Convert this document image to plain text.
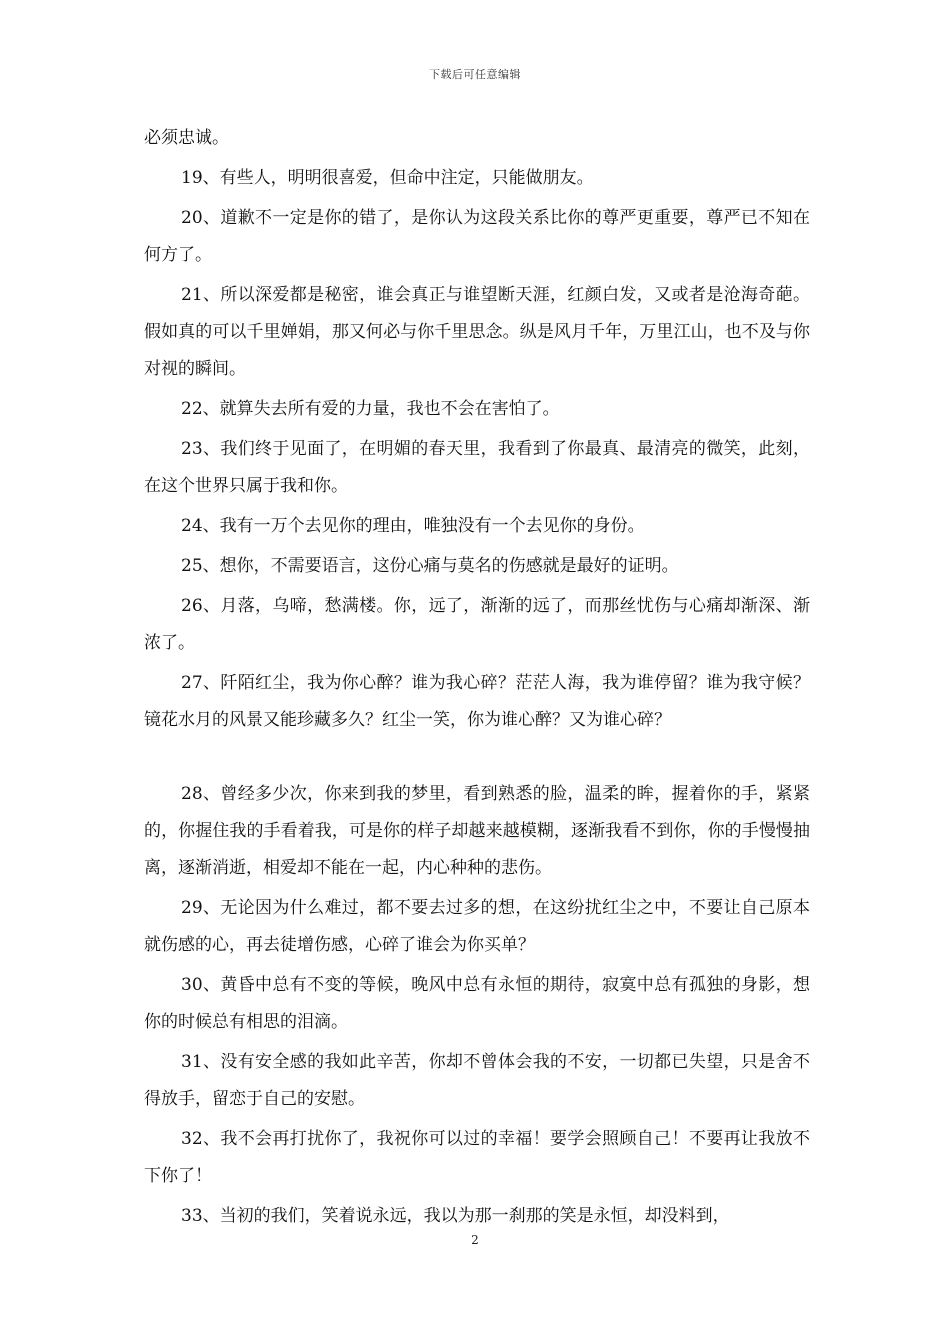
下载后可任意编辑

必须忠诚。

19、有些人，明明很喜爱，但命中注定，只能做朋友。

20、道歉不一定是你的错了，是你认为这段关系比你的尊严更重要，尊严已不知在何方了。

21、所以深爱都是秘密，谁会真正与谁望断天涯，红颜白发，又或者是沧海奇葩。假如真的可以千里婵娟，那又何必与你千里思念。纵是风月千年，万里江山，也不及与你对视的瞬间。

22、就算失去所有爱的力量，我也不会在害怕了。

23、我们终于见面了，在明媚的春天里，我看到了你最真、最清亮的微笑，此刻，在这个世界只属于我和你。

24、我有一万个去见你的理由，唯独没有一个去见你的身份。

25、想你，不需要语言，这份心痛与莫名的伤感就是最好的证明。

26、月落，乌啼，愁满楼。你，远了，渐渐的远了，而那丝忧伤与心痛却渐深、渐浓了。

27、阡陌红尘，我为你心醉？谁为我心碎？茫茫人海，我为谁停留？谁为我守候？镜花水月的风景又能珍藏多久？红尘一笑，你为谁心醉？又为谁心碎？

28、曾经多少次，你来到我的梦里，看到熟悉的脸，温柔的眸，握着你的手，紧紧的，你握住我的手看着我，可是你的样子却越来越模糊，逐渐我看不到你，你的手慢慢抽离，逐渐消逝，相爱却不能在一起，内心种种的悲伤。

29、无论因为什么难过，都不要去过多的想，在这纷扰红尘之中，不要让自己原本就伤感的心，再去徒增伤感，心碎了谁会为你买单？

30、黄昏中总有不变的等候，晚风中总有永恒的期待，寂寞中总有孤独的身影，想你的时候总有相思的泪滴。

31、没有安全感的我如此辛苦，你却不曾体会我的不安，一切都已失望，只是舍不得放手，留恋于自己的安慰。

32、我不会再打扰你了，我祝你可以过的幸福！要学会照顾自己！不要再让我放不下你了！

33、当初的我们，笑着说永远，我以为那一刹那的笑是永恒，却没料到，

2
